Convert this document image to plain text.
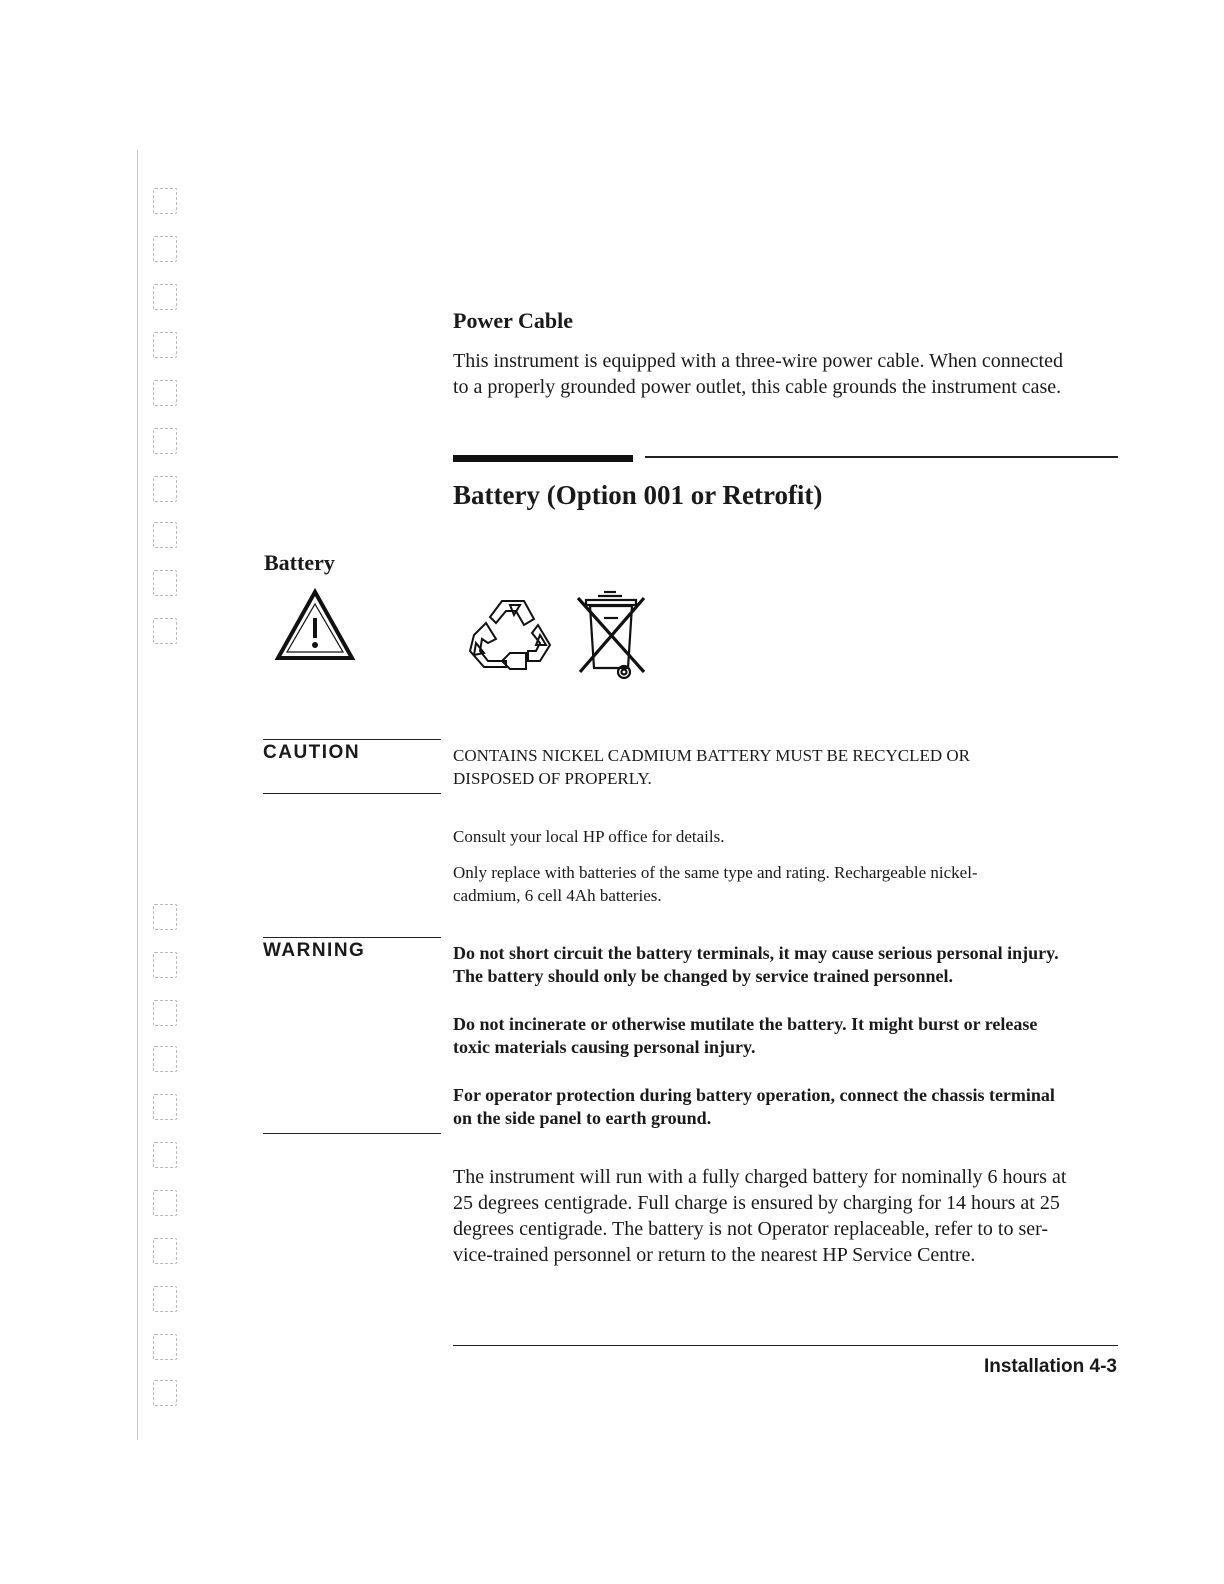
Power Cable
This instrument is equipped with a three-wire power cable. When connected
to a properly grounded power outlet, this cable grounds the instrument case.
Battery (Option 001 or Retrofit)
Battery
CAUTION	CONTAINS NICKEL CADMIUM BATTERY MUST BE RECYCLED OR
DISPOSED OF PROPERLY.
Consult your local HP office for details.
Only replace with batteries of the same type and rating. Rechargeable nickel-
cadmium, 6 cell 4Ah batteries.
WARNING	Do not short circuit the battery terminals, it may cause serious personal injury.
The battery should only be changed by service trained personnel.
Do not incinerate or otherwise mutilate the battery. It might burst or release
toxic materials causing personal injury.
For operator protection during battery operation, connect the chassis terminal
on the side panel to earth ground.
The instrument will run with a fully charged battery for nominally 6 hours at
25 degrees centigrade. Full charge is ensured by charging for 14 hours at 25
degrees centigrade. The battery is not Operator replaceable, refer to to ser-
vice-trained personnel or return to the nearest HP Service Centre.
Installation 4-3
